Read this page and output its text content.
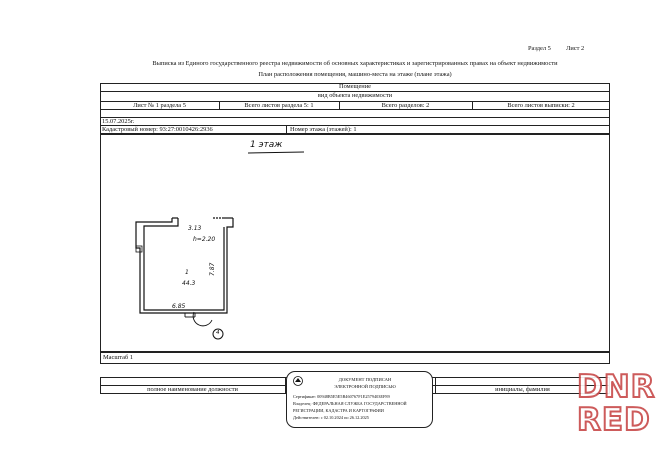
Раздел 5 Лист 2
Выписка из Единого государственного реестра недвижимости об основных характеристиках и зарегистрированных правах на объект недвижимости
План расположения помещения, машино-места на этаже (плане этажа)
Помещение
вид объекта недвижимости
Лист № 1 раздела 5	Всего листов раздела 5: 1	Всего разделов: 2	Всего листов выписки: 2
15.07.2025г.
Кадастровый номер: 93:27:0010426:2936	Номер этажа (этажей): 1
Масштаб 1
1 этаж
3.13
h=2.20
1
44.3
7.87
6.85
4
полное наименование должности	инициалы, фамилия
ДОКУМЕНТ ПОДПИСАН
ЭЛЕКТРОННОЙ ПОДПИСЬЮ
Сертификат: 00948B5E5E5B460767F1E2579403EF89
Владелец: ФЕДЕРАЛЬНАЯ СЛУЖБА ГОСУДАРСТВЕННОЙ
РЕГИСТРАЦИИ, КАДАСТРА И КАРТОГРАФИИ
Действителен: с 02.10.2024 по 26.12.2025
DNR
RED
